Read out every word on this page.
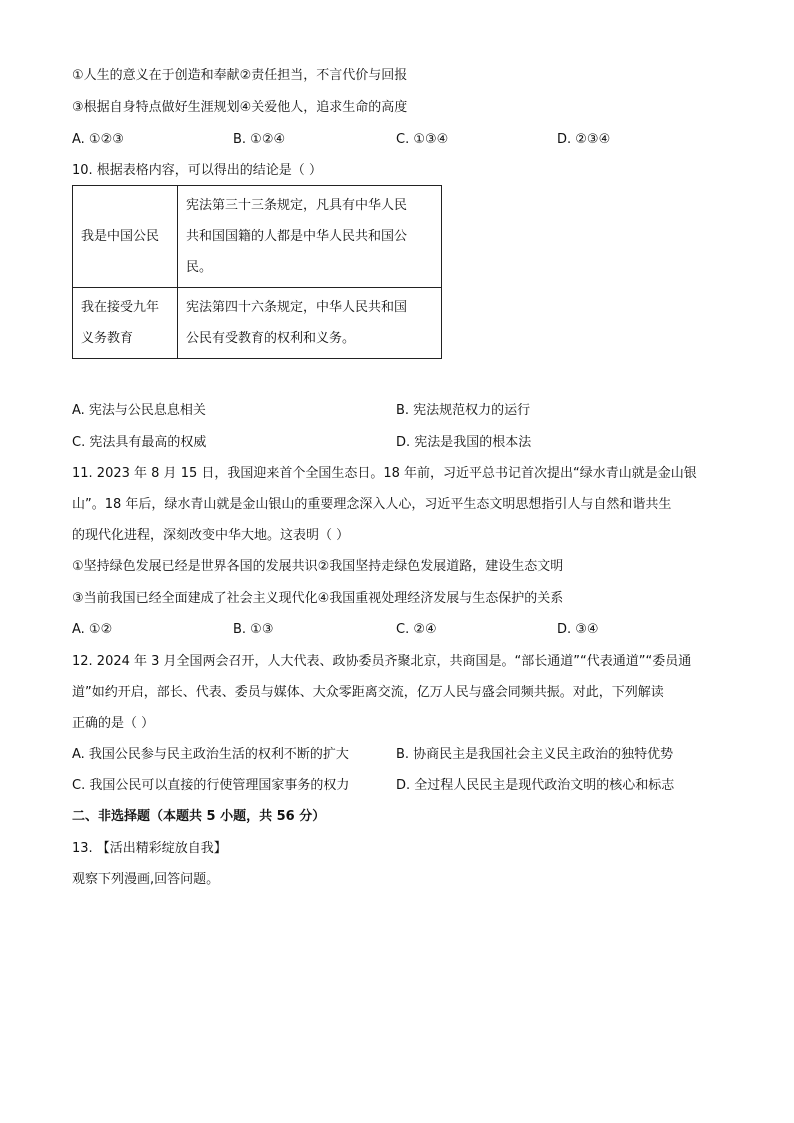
①人生的意义在于创造和奉献②责任担当，不言代价与回报
③根据自身特点做好生涯规划④关爱他人，追求生命的高度
A. ①②③	B. ①②④	C. ①③④	D. ②③④
10. 根据表格内容，可以得出的结论是（ ）
我是中国公民	宪法第三十三条规定，凡具有中华人民
共和国国籍的人都是中华人民共和国公
民。

我在接受九年
义务教育	宪法第四十六条规定，中华人民共和国
公民有受教育的权利和义务。
A. 宪法与公民息息相关	B. 宪法规范权力的运行
C. 宪法具有最高的权威	D. 宪法是我国的根本法
11. 2023 年 8 月 15 日，我国迎来首个全国生态日。18 年前，习近平总书记首次提出“绿水青山就是金山银
山”。18 年后，绿水青山就是金山银山的重要理念深入人心，习近平生态文明思想指引人与自然和谐共生
的现代化进程，深刻改变中华大地。这表明（ ）
①坚持绿色发展已经是世界各国的发展共识②我国坚持走绿色发展道路，建设生态文明
③当前我国已经全面建成了社会主义现代化④我国重视处理经济发展与生态保护的关系
A. ①②	B. ①③	C. ②④	D. ③④
12. 2024 年 3 月全国两会召开，人大代表、政协委员齐聚北京，共商国是。“部长通道”“代表通道”“委员通
道”如约开启，部长、代表、委员与媒体、大众零距离交流，亿万人民与盛会同频共振。对此，下列解读
正确的是（ ）
A. 我国公民参与民主政治生活的权利不断的扩大	B. 协商民主是我国社会主义民主政治的独特优势
C. 我国公民可以直接的行使管理国家事务的权力	D. 全过程人民民主是现代政治文明的核心和标志
二、非选择题（本题共 5 小题，共 56 分）
13. 【活出精彩绽放自我】
观察下列漫画,回答问题。
